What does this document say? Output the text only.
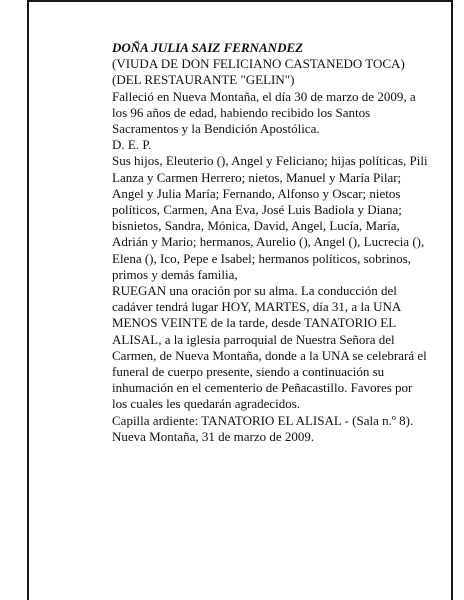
DOÑA JULIA SAIZ FERNANDEZ

(VIUDA DE DON FELICIANO CASTANEDO TOCA)

(DEL RESTAURANTE "GELIN")

Falleció en Nueva Montaña, el día 30 de marzo de 2009, a los 96 años de edad, habiendo recibido los Santos Sacramentos y la Bendición Apostólica.

D. E. P.

Sus hijos, Eleuterio (), Angel y Feliciano; hijas políticas, Pili Lanza y Carmen Herrero; nietos, Manuel y María Pilar; Angel y Julia María; Fernando, Alfonso y Oscar; nietos políticos, Carmen, Ana Eva, José Luis Badiola y Diana; bisnietos, Sandra, Mónica, David, Angel, Lucía, María, Adrián y Mario; hermanos, Aurelio (), Angel (), Lucrecia (), Elena (), Ico, Pepe e Isabel; hermanos políticos, sobrinos, primos y demás familia,

RUEGAN una oración por su alma. La conducción del cadáver tendrá lugar HOY, MARTES, día 31, a la UNA MENOS VEINTE de la tarde, desde TANATORIO EL ALISAL, a la iglesia parroquial de Nuestra Señora del Carmen, de Nueva Montaña, donde a la UNA se celebrará el funeral de cuerpo presente, siendo a continuación su inhumación en el cementerio de Peñacastillo. Favores por los cuales les quedarán agradecidos.

Capilla ardiente: TANATORIO EL ALISAL - (Sala n.º 8).

Nueva Montaña, 31 de marzo de 2009.
